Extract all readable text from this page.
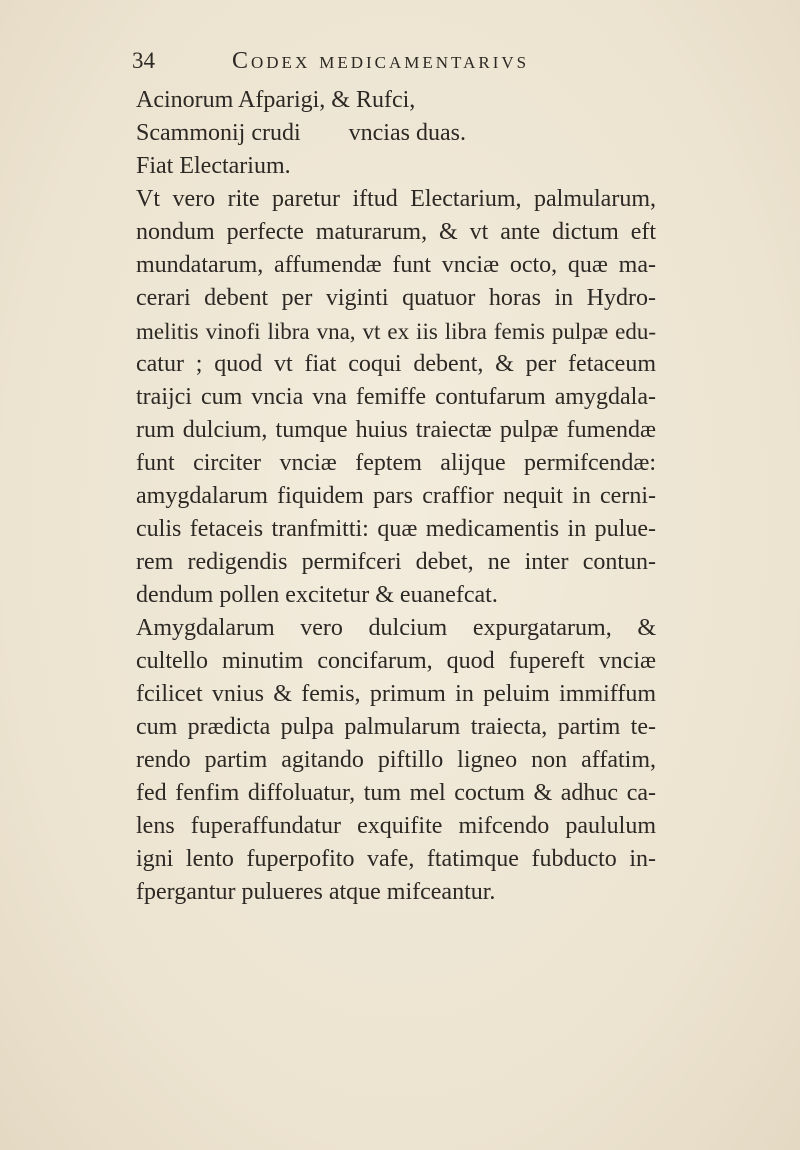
34	Codex medicamentarivs
Acinorum Afparigi, & Rufci,
Scammonij crudi        vncias duas.
Fiat Electarium.
Vt vero rite paretur iftud Electarium, palmularum,
nondum perfecte maturarum, & vt ante dictum eft
mundatarum, affumendæ funt vnciæ octo, quæ ma-
cerari debent per viginti quatuor horas in Hydro-
melitis vinofi libra vna, vt ex iis libra femis pulpæ edu-
catur ; quod vt fiat coqui debent, & per fetaceum
traijci cum vncia vna femiffe contufarum amygdala-
rum dulcium, tumque huius traiectæ pulpæ fumendæ
funt circiter vnciæ feptem alijque permifcendæ:
amygdalarum fiquidem pars craffior nequit in cerni-
culis fetaceis tranfmitti: quæ medicamentis in pulue-
rem redigendis permifceri debet, ne inter contun-
dendum pollen excitetur & euanefcat.
Amygdalarum vero dulcium expurgatarum, &
cultello minutim concifarum, quod fupereft vnciæ
fcilicet vnius & femis, primum in peluim immiffum
cum prædicta pulpa palmularum traiecta, partim te-
rendo partim agitando piftillo ligneo non affatim,
fed fenfim diffoluatur, tum mel coctum & adhuc ca-
lens fuperaffundatur exquifite mifcendo paululum
igni lento fuperpofito vafe, ftatimque fubducto in-
fpergantur pulueres atque mifceantur.
